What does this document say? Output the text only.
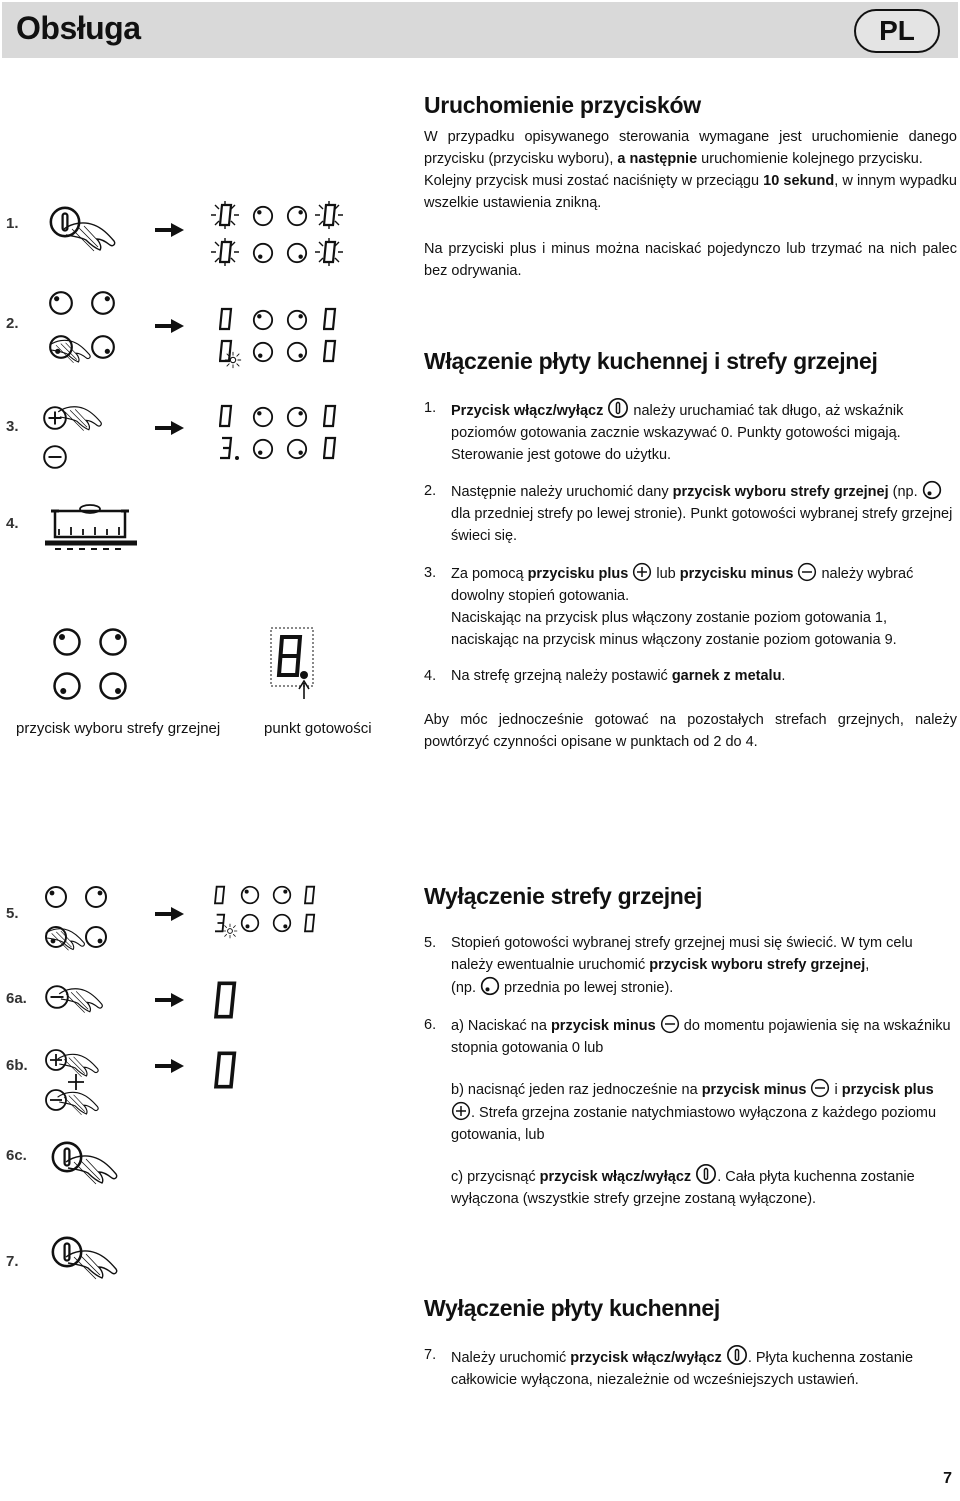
Obsługa	PL
1.
2.
3.
4.
przycisk wyboru strefy grzejnej	punkt gotowości
5.
6a.
6b.
6c.
7.
Uruchomienie przycisków
W przypadku opisywanego sterowania wymagane jest uruchomienie danego przycisku (przycisku wyboru), a następnie uruchomienie kolejnego przycisku.
Kolejny przycisk musi zostać naciśnięty w przeciągu 10 sekund, w innym wypadku wszelkie ustawienia znikną.
Na przyciski plus i minus można naciskać pojedynczo lub trzymać na nich palec bez odrywania.
Włączenie płyty kuchennej i strefy grzejnej
1. Przycisk włącz/wyłącz  należy uruchamiać tak długo, aż wskaźnik poziomów gotowania zacznie wskazywać 0. Punkty gotowości migają. Sterowanie jest gotowe do użytku.
2. Następnie należy uruchomić dany przycisk wyboru strefy grzejnej (np.  dla przedniej strefy po lewej stronie). Punkt gotowości wybranej strefy grzejnej świeci się.
3. Za pomocą przycisku plus  lub przycisku minus  należy wybrać dowolny stopień gotowania.
Naciskając na przycisk plus włączony zostanie poziom gotowania 1, naciskając na przycisk minus włączony zostanie poziom gotowania 9.
4. Na strefę grzejną należy postawić garnek z metalu.
Aby móc jednocześnie gotować na pozostałych strefach grzejnych, należy powtórzyć czynności opisane w punktach od 2 do 4.
Wyłączenie strefy grzejnej
5. Stopień gotowości wybranej strefy grzejnej musi się świecić. W tym celu należy ewentualnie uruchomić przycisk wyboru strefy grzejnej,
(np.  przednia po lewej stronie).
6. a) Naciskać na przycisk minus  do momentu pojawienia się na wskaźniku stopnia gotowania 0 lub
b) nacisnąć jeden raz jednocześnie na przycisk minus  i przycisk plus . Strefa grzejna zostanie natychmiastowo wyłączona z każdego poziomu gotowania, lub
c) przycisnąć przycisk włącz/wyłącz . Cała płyta kuchenna zostanie wyłączona (wszystkie strefy grzejne zostaną wyłączone).
Wyłączenie płyty kuchennej
7. Należy uruchomić przycisk włącz/wyłącz . Płyta kuchenna zostanie całkowicie wyłączona, niezależnie od wcześniejszych ustawień.
7
